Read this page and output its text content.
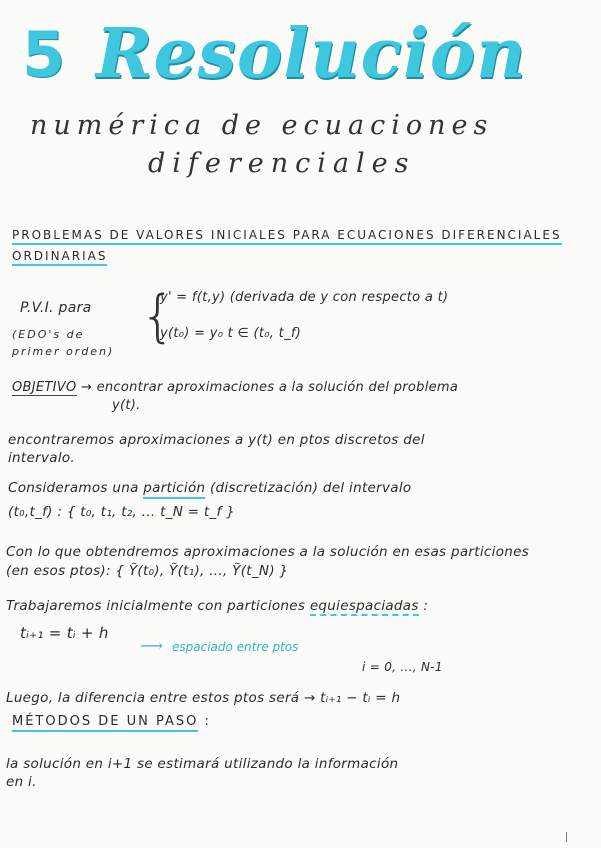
5 Resolución
numérica de ecuaciones
diferenciales
PROBLEMAS DE VALORES INICIALES PARA ECUACIONES DIFERENCIALES
ORDINARIAS
P.V.I. para
(EDO's de
primer orden)
{
y' = f(t,y) (derivada de y con respecto a t)
y(t₀) = y₀ t ∈ (t₀, t_f)
OBJETIVO → encontrar aproximaciones a la solución del problema
y(t).
encontraremos aproximaciones a y(t) en ptos discretos del
intervalo.
Consideramos una partición (discretización) del intervalo
(t₀,t_f) : { t₀, t₁, t₂, ... t_N = t_f }
Con lo que obtendremos aproximaciones a la solución en esas particiones
(en esos ptos): { Ỹ(t₀), Ỹ(t₁), ..., Ỹ(t_N) }
Trabajaremos inicialmente con particiones equiespaciadas :
tᵢ₊₁ = tᵢ + h
⟶ espaciado entre ptos
i = 0, ..., N-1
Luego, la diferencia entre estos ptos será → tᵢ₊₁ − tᵢ = h
MÉTODOS DE UN PASO :
la solución en i+1 se estimará utilizando la información
en i.
